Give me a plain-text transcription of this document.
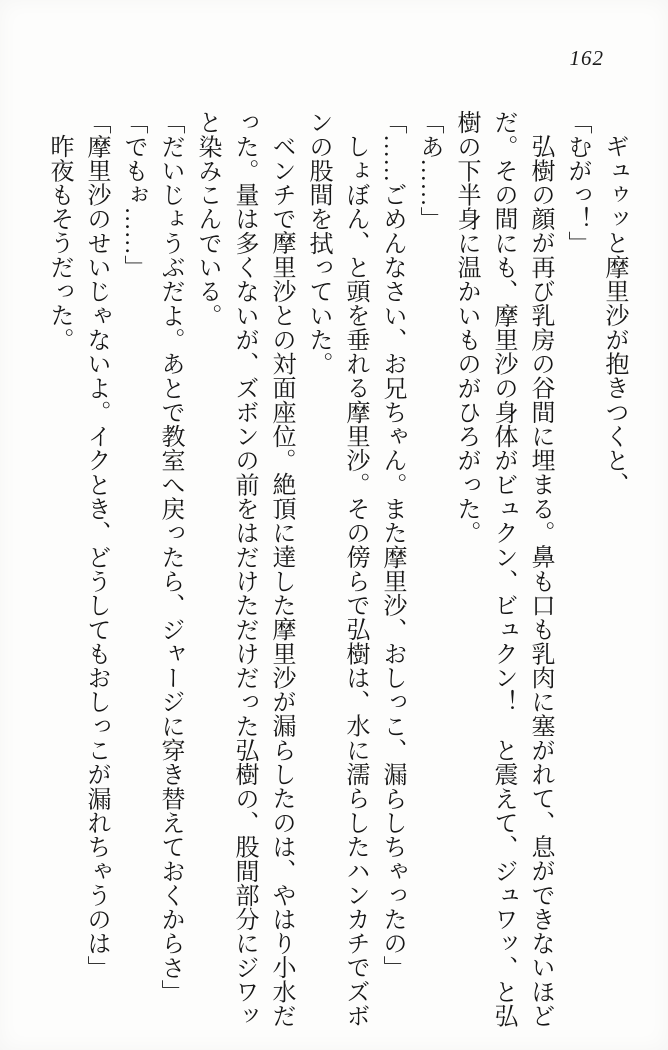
162

ギュゥッと摩里沙が抱きつくと、

「むがっ！」

弘樹の顔が再び乳房の谷間に埋まる。鼻も口も乳肉に塞がれて、息ができないほどだ。その間にも、摩里沙の身体がビュクン、ビュクン！　と震えて、ジュワッ、と弘樹の下半身に温かいものがひろがった。

「あ……」

「……ごめんなさい、お兄ちゃん。また摩里沙、おしっこ、漏らしちゃったの」

しょぼん、と頭を垂れる摩里沙。その傍らで弘樹は、水に濡らしたハンカチでズボンの股間を拭っていた。

ベンチで摩里沙との対面座位。絶頂に達した摩里沙が漏らしたのは、やはり小水だった。量は多くないが、ズボンの前をはだけただけだった弘樹の、股間部分にジワッと染みこんでいる。

「だいじょうぶだよ。あとで教室へ戻ったら、ジャージに穿き替えておくからさ」

「でもぉ……」

「摩里沙のせいじゃないよ。イクとき、どうしてもおしっこが漏れちゃうのは」

昨夜もそうだった。
